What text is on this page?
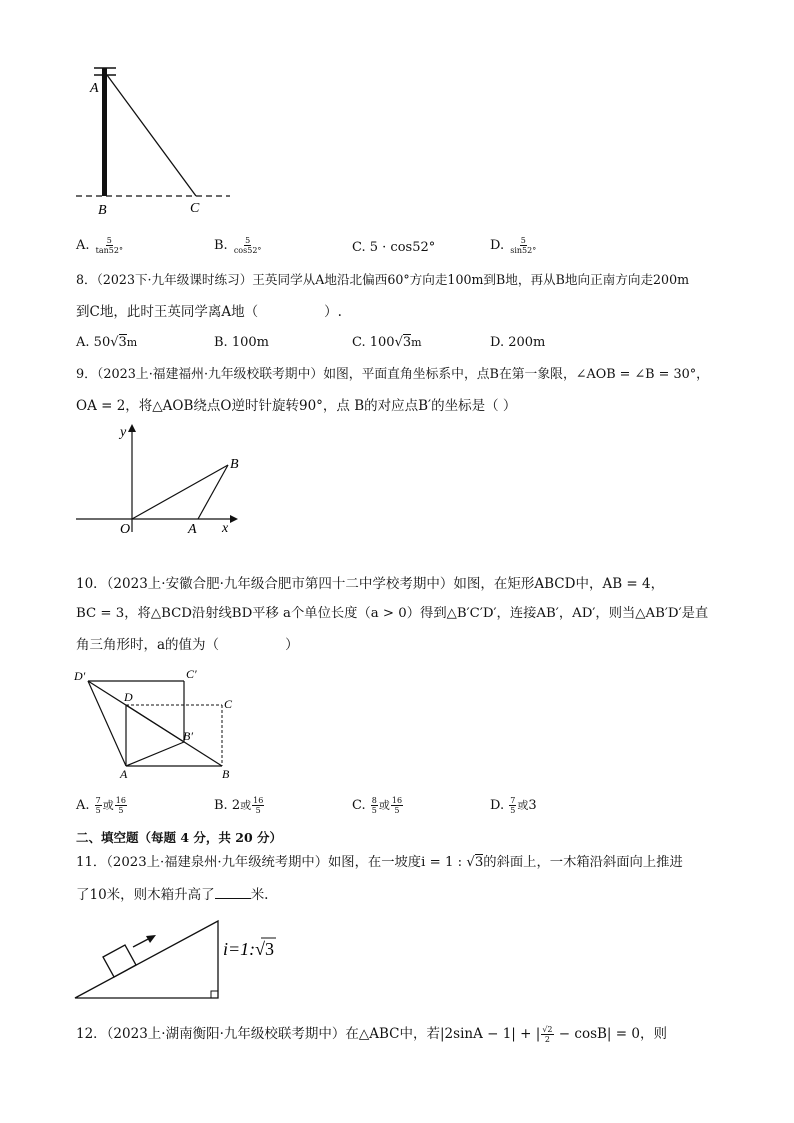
A
B	C
A. $\frac{5}{\tan 52^\circ}$	B. $\frac{5}{\cos 52^\circ}$	C. 5 · cos52°	D. $\frac{5}{\sin 52^\circ}$
8．（2023下·九年级课时练习）王英同学从A地沿北偏西60°方向走100m到B地，再从B地向正南方向走200m
到C地，此时王英同学离A地（	）.
A. 50√3m	B. 100m	C. 100√3m	D. 200m
9．（2023上·福建福州·九年级校联考期中）如图，平面直角坐标系中，点B在第一象限，∠AOB = ∠B = 30°，
OA = 2，将△AOB绕点O逆时针旋转90°，点 B的对应点B′的坐标是（ ）
y
x
O	A
B
10．（2023上·安徽合肥·九年级合肥市第四十二中学校考期中）如图，在矩形ABCD中，AB = 4，
BC = 3，将△BCD沿射线BD平移 a个单位长度（a > 0）得到△B′C′D′，连接AB′，AD′，则当△AB′D′是直
角三角形时，a的值为（	）
D′	C′
D	C
B′
A	B
A. $\frac{7}{5}$ 或 $\frac{16}{5}$	B. 2或 $\frac{16}{5}$	C. $\frac{8}{5}$ 或 $\frac{16}{5}$	D. $\frac{7}{5}$ 或3
二、填空题（每题 4 分，共 20 分）
11．（2023上·福建泉州·九年级统考期中）如图，在一坡度i = 1 : √3的斜面上，一木箱沿斜面向上推进
了10米，则木箱升高了	米.
i=1:√3
12．（2023上·湖南衡阳·九年级校联考期中）在△ABC中，若|2sinA − 1| + | $\frac{√2}{2} - \cos B| = 0$，则
